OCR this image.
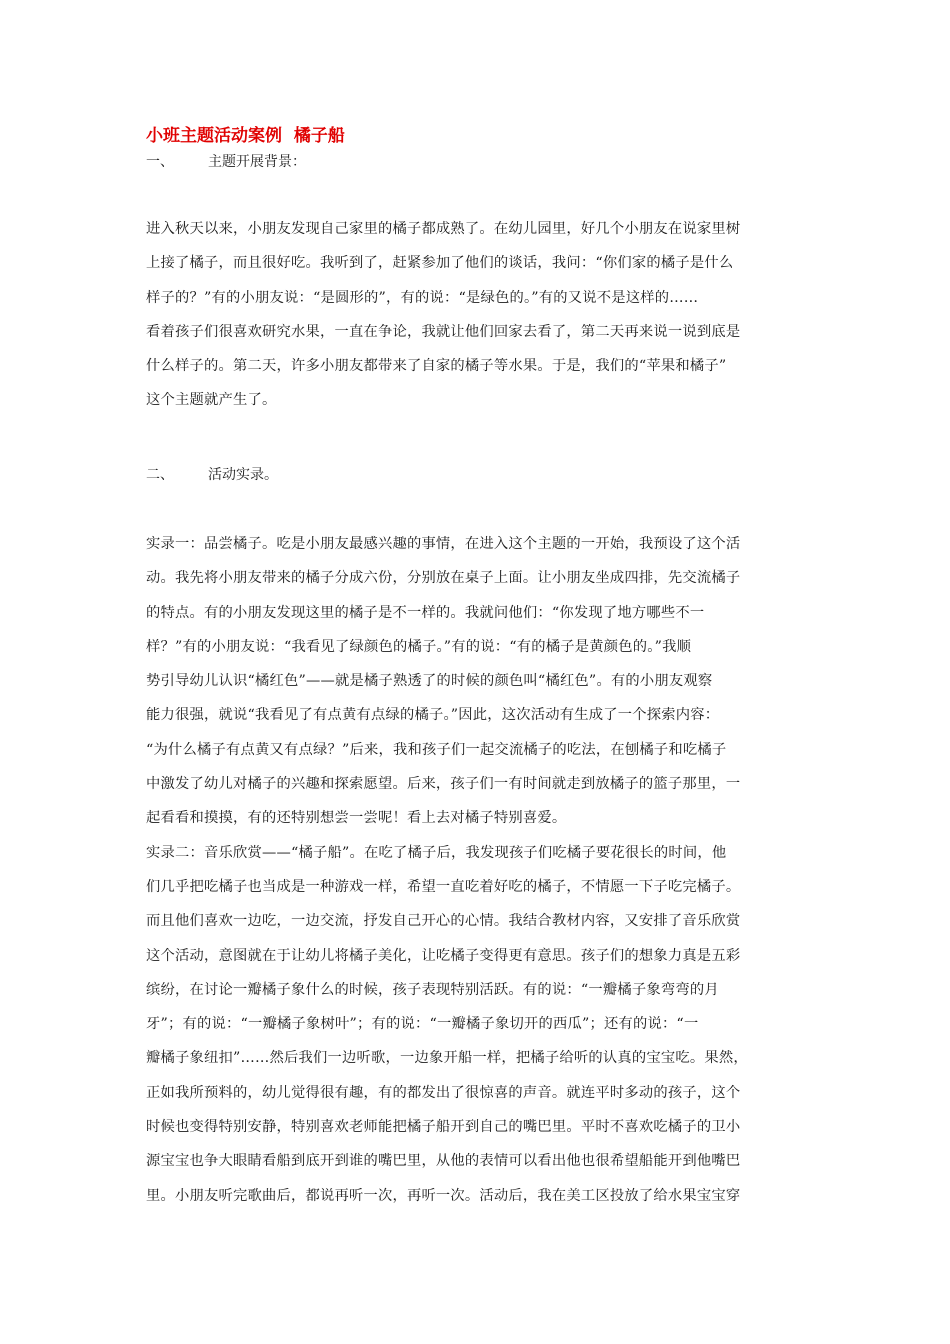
小班主题活动案例  橘子船
一、 主题开展背景：
进入秋天以来，小朋友发现自己家里的橘子都成熟了。在幼儿园里，好几个小朋友在说家里树
上接了橘子，而且很好吃。我听到了，赶紧参加了他们的谈话，我问：“你们家的橘子是什么
样子的？”有的小朋友说：“是圆形的”，有的说：“是绿色的。”有的又说不是这样的……
看着孩子们很喜欢研究水果，一直在争论，我就让他们回家去看了，第二天再来说一说到底是
什么样子的。第二天，许多小朋友都带来了自家的橘子等水果。于是，我们的“苹果和橘子”
这个主题就产生了。
二、 活动实录。
实录一：品尝橘子。吃是小朋友最感兴趣的事情，在进入这个主题的一开始，我预设了这个活
动。我先将小朋友带来的橘子分成六份，分别放在桌子上面。让小朋友坐成四排，先交流橘子
的特点。有的小朋友发现这里的橘子是不一样的。我就问他们：“你发现了地方哪些不一
样？”有的小朋友说：“我看见了绿颜色的橘子。”有的说：“有的橘子是黄颜色的。”我顺
势引导幼儿认识“橘红色”——就是橘子熟透了的时候的颜色叫“橘红色”。有的小朋友观察
能力很强，就说“我看见了有点黄有点绿的橘子。”因此，这次活动有生成了一个探索内容：
“为什么橘子有点黄又有点绿？”后来，我和孩子们一起交流橘子的吃法，在刨橘子和吃橘子
中激发了幼儿对橘子的兴趣和探索愿望。后来，孩子们一有时间就走到放橘子的篮子那里，一
起看看和摸摸，有的还特别想尝一尝呢！看上去对橘子特别喜爱。
实录二：音乐欣赏——“橘子船”。在吃了橘子后，我发现孩子们吃橘子要花很长的时间，他
们几乎把吃橘子也当成是一种游戏一样，希望一直吃着好吃的橘子，不情愿一下子吃完橘子。
而且他们喜欢一边吃，一边交流，抒发自己开心的心情。我结合教材内容，又安排了音乐欣赏
这个活动，意图就在于让幼儿将橘子美化，让吃橘子变得更有意思。孩子们的想象力真是五彩
缤纷，在讨论一瓣橘子象什么的时候，孩子表现特别活跃。有的说：“一瓣橘子象弯弯的月
牙”；有的说：“一瓣橘子象树叶”；有的说：“一瓣橘子象切开的西瓜”；还有的说：“一
瓣橘子象纽扣”……然后我们一边听歌，一边象开船一样，把橘子给听的认真的宝宝吃。果然，
正如我所预料的，幼儿觉得很有趣，有的都发出了很惊喜的声音。就连平时多动的孩子，这个
时候也变得特别安静，特别喜欢老师能把橘子船开到自己的嘴巴里。平时不喜欢吃橘子的卫小
源宝宝也争大眼睛看船到底开到谁的嘴巴里，从他的表情可以看出他也很希望船能开到他嘴巴
里。小朋友听完歌曲后，都说再听一次，再听一次。活动后，我在美工区投放了给水果宝宝穿
